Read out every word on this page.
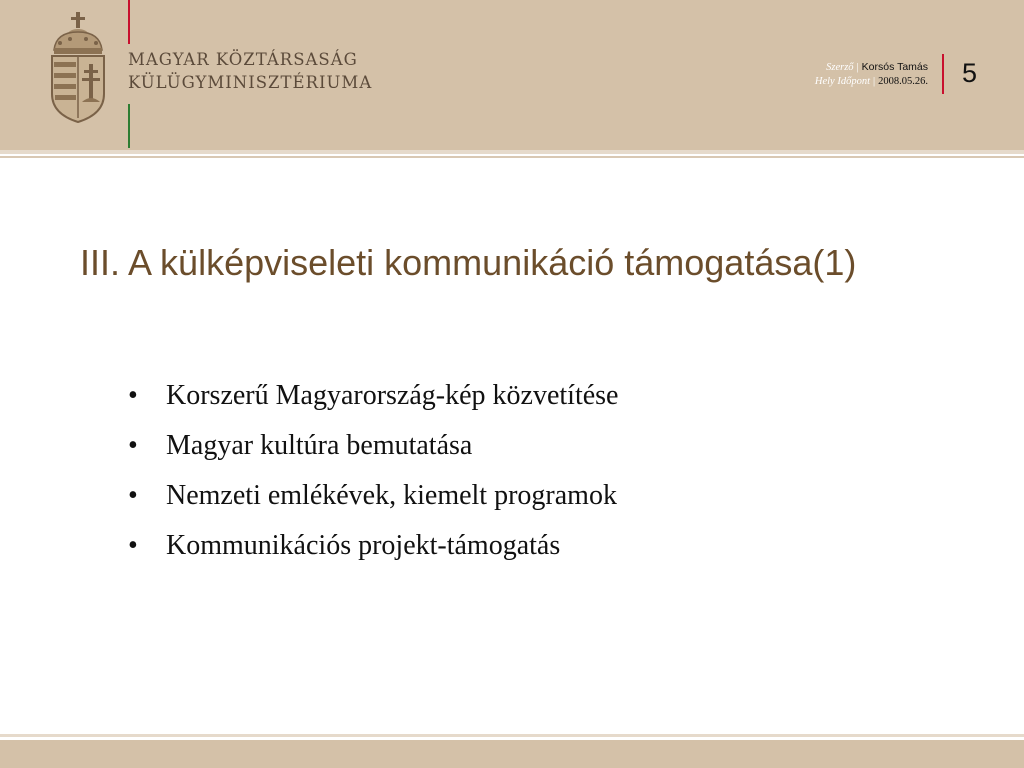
MAGYAR KÖZTÁRSASÁG
KÜLÜGYMINISZTÉRIUMA
Szerző | Korsós Tamás
Hely Időpont | 2008.05.26. 5
III. A külképviseleti kommunikáció támogatása(1)
• Korszerű Magyarország-kép közvetítése
• Magyar kultúra bemutatása
• Nemzeti emlékévek, kiemelt programok
• Kommunikációs projekt-támogatás
